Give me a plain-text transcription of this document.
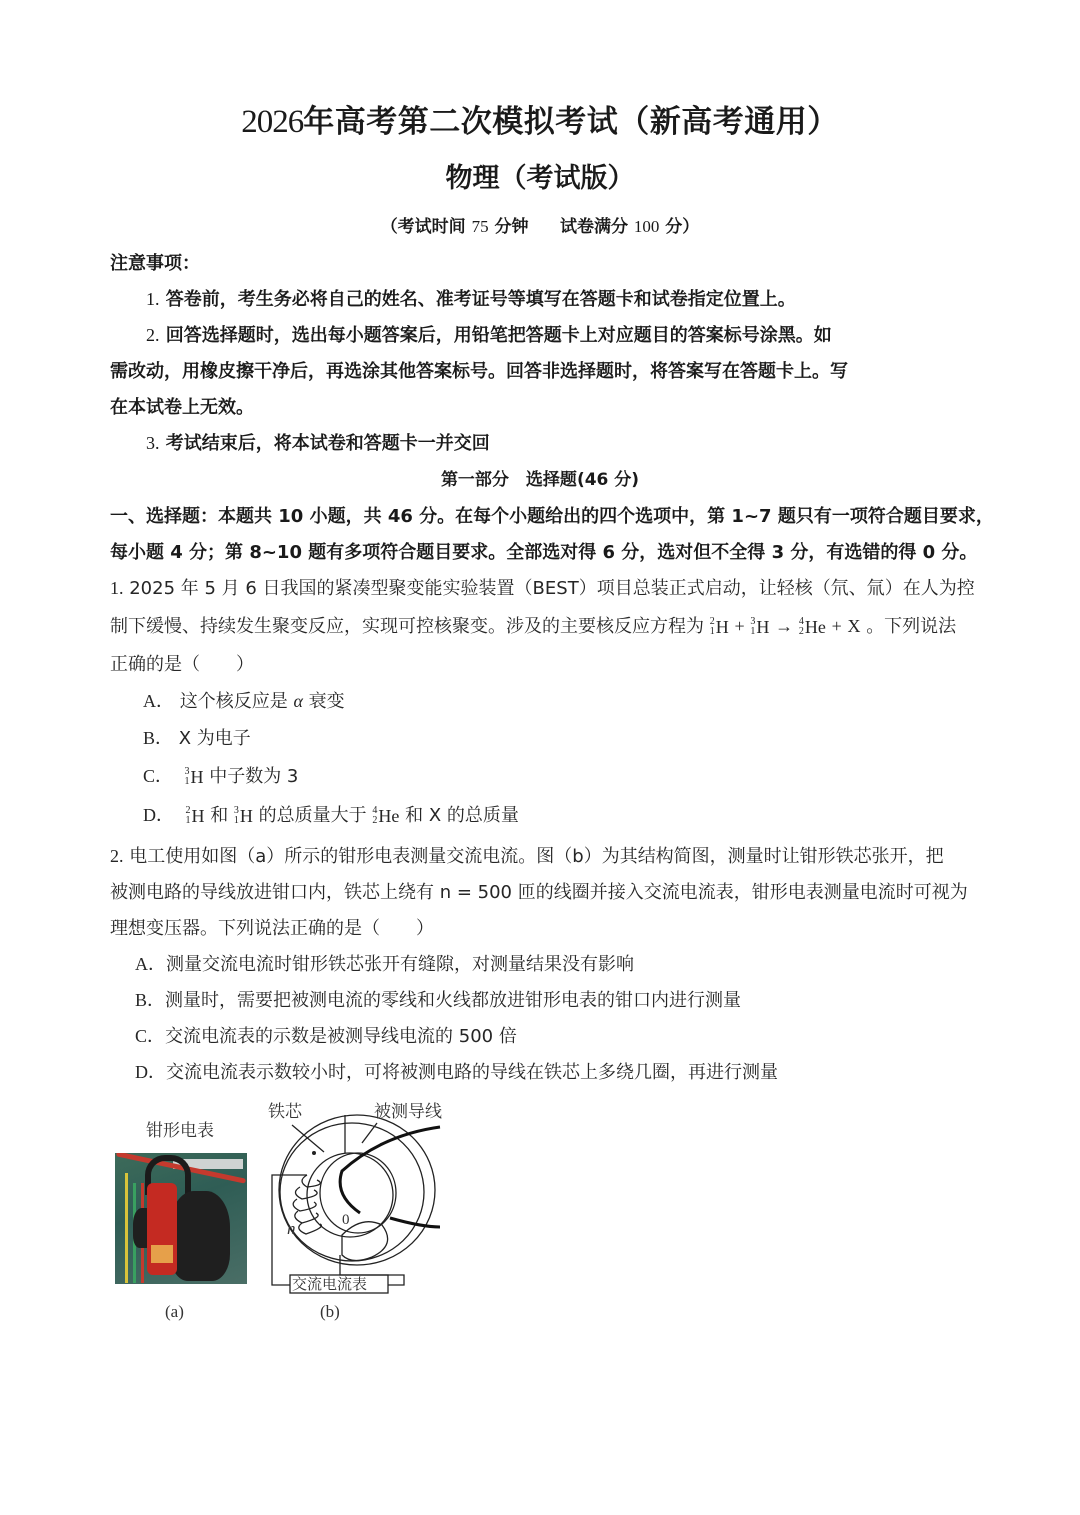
2026年高考第二次模拟考试（新高考通用）
物理（考试版）
（考试时间 75 分钟    试卷满分 100 分）
注意事项：
1. 答卷前，考生务必将自己的姓名、准考证号等填写在答题卡和试卷指定位置上。
2. 回答选择题时，选出每小题答案后，用铅笔把答题卡上对应题目的答案标号涂黑。如
需改动，用橡皮擦干净后，再选涂其他答案标号。回答非选择题时，将答案写在答题卡上。写
在本试卷上无效。
3. 考试结束后，将本试卷和答题卡一并交回
第一部分　选择题(46 分)
一、选择题：本题共 10 小题，共 46 分。在每个小题给出的四个选项中，第 1~7 题只有一项符合题目要求，
每小题 4 分；第 8~10 题有多项符合题目要求。全部选对得 6 分，选对但不全得 3 分，有选错的得 0 分。
1. 2025 年 5 月 6 日我国的紧凑型聚变能实验装置（BEST）项目总装正式启动，让轻核（氘、氚）在人为控
制下缓慢、持续发生聚变反应，实现可控核聚变。涉及的主要核反应方程为 2
1 H + 3
1 H → 4
2 He + X 。下列说法
正确的是（　　）
A． 这个核反应是 α 衰变
B． X 为电子
C． 3
1 H 中子数为 3
D． 2
1 H 和 3
1 H 的总质量大于 4
2 He 和 X 的总质量
2. 电工使用如图（a）所示的钳形电表测量交流电流。图（b）为其结构简图，测量时让钳形铁芯张开，把
被测电路的导线放进钳口内，铁芯上绕有 n = 500 匝的线圈并接入交流电流表，钳形电表测量电流时可视为
理想变压器。下列说法正确的是（　　）
A．测量交流电流时钳形铁芯张开有缝隙，对测量结果没有影响
B．测量时，需要把被测电流的零线和火线都放进钳形电表的钳口内进行测量
C．交流电流表的示数是被测导线电流的 500 倍
D．交流电流表示数较小时，可将被测电路的导线在铁芯上多绕几圈，再进行测量
钳形电表
(a)
铁芯	被测导线
n	0
交流电流表
(b)
